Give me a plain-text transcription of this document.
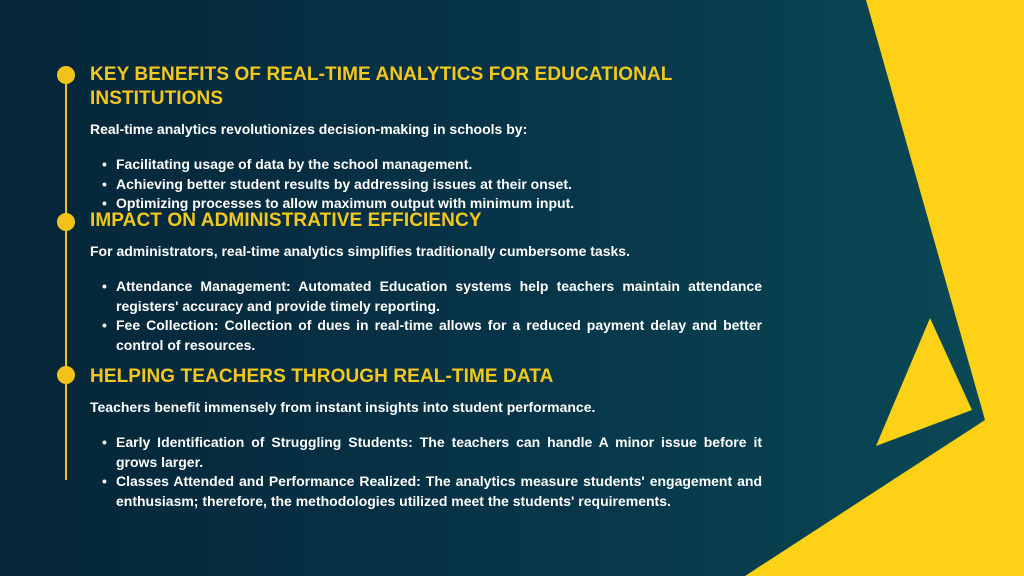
KEY BENEFITS OF REAL-TIME ANALYTICS FOR EDUCATIONAL INSTITUTIONS

Real-time analytics revolutionizes decision-making in schools by:

• Facilitating usage of data by the school management.
• Achieving better student results by addressing issues at their onset.
• Optimizing processes to allow maximum output with minimum input.
IMPACT ON ADMINISTRATIVE EFFICIENCY

For administrators, real-time analytics simplifies traditionally cumbersome tasks.

• Attendance Management: Automated Education systems help teachers maintain attendance registers' accuracy and provide timely reporting.
• Fee Collection: Collection of dues in real-time allows for a reduced payment delay and better control of resources.
HELPING TEACHERS THROUGH REAL-TIME DATA

Teachers benefit immensely from instant insights into student performance.

• Early Identification of Struggling Students: The teachers can handle A minor issue before it grows larger.
• Classes Attended and Performance Realized: The analytics measure students' engagement and enthusiasm; therefore, the methodologies utilized meet the students' requirements.
